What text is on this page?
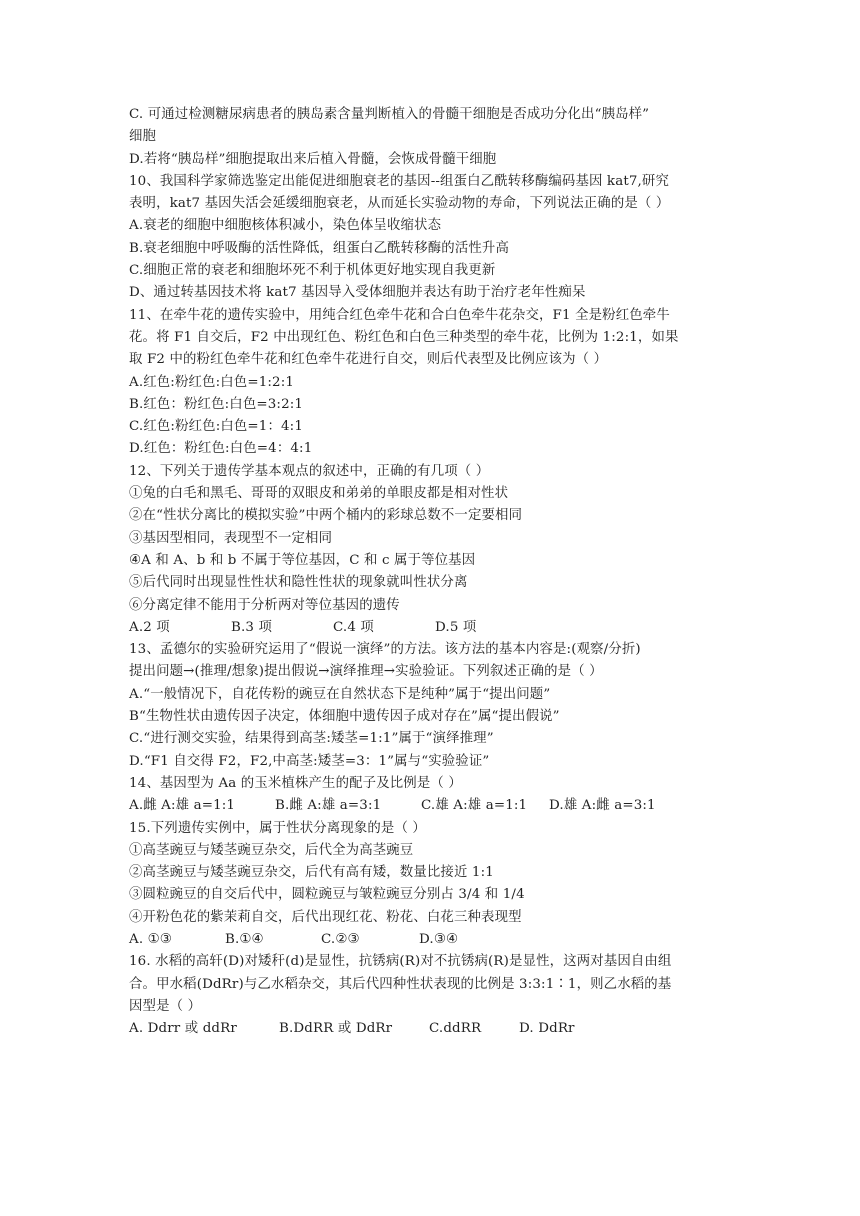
C. 可通过检测糖尿病患者的胰岛素含量判断植入的骨髓干细胞是否成功分化出“胰岛样”
细胞
D.若将“胰岛样”细胞提取出来后植入骨髓，会恢成骨髓干细胞
10、我国科学家筛选鉴定出能促进细胞衰老的基因--组蛋白乙酰转移酶编码基因 kat7,研究
表明，kat7 基因失活会延缓细胞衰老，从而延长实验动物的寿命，下列说法正确的是（ ）
A.衰老的细胞中细胞核体积减小，染色体呈收缩状态
B.衰老细胞中呼吸酶的活性降低，组蛋白乙酰转移酶的活性升高
C.细胞正常的衰老和细胞坏死不利于机体更好地实现自我更新
D、通过转基因技术将 kat7 基因导入受体细胞并表达有助于治疗老年性痴呆
11、在牵牛花的遗传实验中，用纯合红色牵牛花和合白色牵牛花杂交，F1 全是粉红色牵牛
花。将 F1 自交后，F2 中出现红色、粉红色和白色三种类型的牵牛花，比例为 1:2:1，如果
取 F2 中的粉红色牵牛花和红色牵牛花进行自交，则后代表型及比例应该为（ ）
A.红色:粉红色:白色=1:2:1
B.红色：粉红色:白色=3:2:1
C.红色:粉红色:白色=1：4:1
D.红色：粉红色:白色=4：4:1
12、下列关于遗传学基本观点的叙述中，正确的有几项（ ）
①兔的白毛和黑毛、哥哥的双眼皮和弟弟的单眼皮都是相对性状
②在“性状分离比的模拟实验”中两个桶内的彩球总数不一定要相同
③基因型相同，表现型不一定相同
④A 和 A、b 和 b 不属于等位基因，C 和 c 属于等位基因
⑤后代同时出现显性性状和隐性性状的现象就叫性状分离
⑥分离定律不能用于分析两对等位基因的遗传
A.2 项	B.3 项	C.4 项	D.5 项
13、孟德尔的实验研究运用了“假说一演绎”的方法。该方法的基本内容是:(观察/分折)
提出问题→(推理/想象)提出假说→演绎推理→实验验证。下列叙述正确的是（ ）
A.“一般情况下，自花传粉的豌豆在自然状态下是纯种”属于“提出问题”
B“生物性状由遗传因子决定，体细胞中遗传因子成对存在”属“提出假说”
C.“进行测交实验，结果得到高茎:矮茎=1:1”属于“演绎推理”
D.“F1 自交得 F2，F2,中高茎:矮茎=3：1”属与“实验验证”
14、基因型为 Aa 的玉米植株产生的配子及比例是（ ）
A.雌 A:雄 a=1:1	B.雌 A:雄 a=3:1	C.雄 A:雄 a=1:1	D.雄 A:雌 a=3:1
15.下列遗传实例中，属于性状分离现象的是（ ）
①高茎豌豆与矮茎豌豆杂交，后代全为高茎豌豆
②高茎豌豆与矮茎豌豆杂交，后代有高有矮，数量比接近 1:1
③圆粒豌豆的自交后代中，圆粒豌豆与皱粒豌豆分别占 3/4 和 1/4
④开粉色花的紫茉莉自交，后代出现红花、粉花、白花三种表现型
A. ①③	B.①④	C.②③	D.③④
16. 水稻的高轩(D)对矮秆(d)是显性，抗锈病(R)对不抗锈病(R)是显性，这两对基因自由组
合。甲水稻(DdRr)与乙水稻杂交，其后代四种性状表现的比例是 3:3:1∶1，则乙水稻的基
因型是（ ）
A. Ddrr 或 ddRr	B.DdRR 或 DdRr	C.ddRR	D. DdRr
